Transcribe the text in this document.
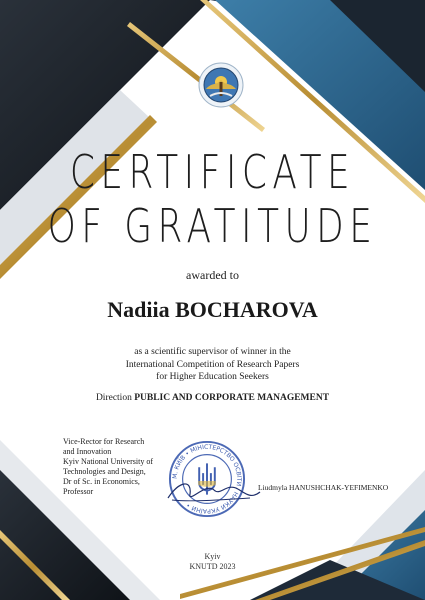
CERTIFICATE
OF GRATITUDE
awarded to
Nadiia BOCHAROVA
as a scientific supervisor of winner in the
International Competition of Research Papers
for Higher Education Seekers
Direction PUBLIC AND CORPORATE MANAGEMENT
Vice-Rector for Research
and Innovation
Kyiv National University of
Technologies and Design,
Dr of Sc. in Economics,
Professor
М. КИЇВ • МІНІСТЕРСТВО ОСВІТИ І НАУКИ УКРАЇНИ •
Liudmyla HANUSHCHAK-YEFIMENKO
Kyiv
KNUTD 2023
